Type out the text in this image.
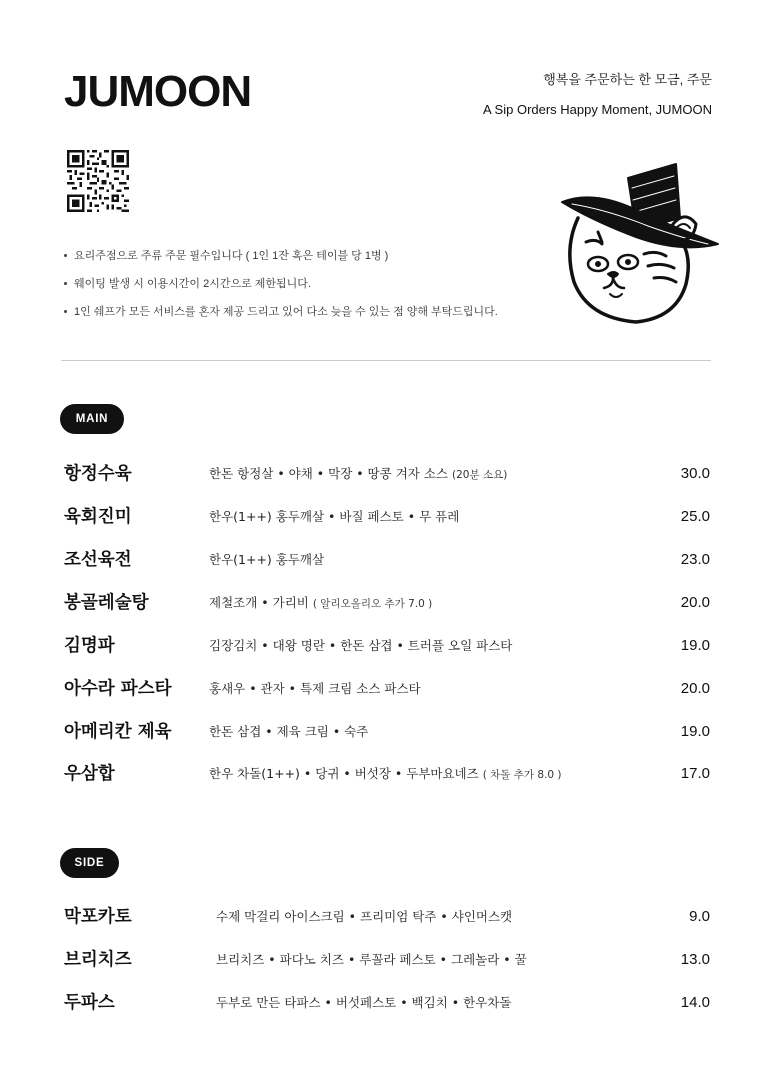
JUMOON	행복을 주문하는 한 모금, 주문
A Sip Orders Happy Moment, JUMOON
요리주점으로 주류 주문 필수입니다 ( 1인 1잔 혹은 테이블 당 1병 )
웨이팅 발생 시 이용시간이 2시간으로 제한됩니다.
1인 쉐프가 모든 서비스를 혼자 제공 드리고 있어 다소 늦을 수 있는 점 양해 부탁드립니다.
MAIN
항정수육	한돈 항정살 • 야채 • 막장 • 땅콩 겨자 소스 (20분 소요)	30.0
육회진미	한우(1++) 홍두깨살 • 바질 페스토 • 무 퓨레	25.0
조선육전	한우(1++) 홍두깨살	23.0
봉골레술탕	제철조개 • 가리비 ( 알리오올리오 추가 7.0 )	20.0
김명파	김장김치 • 대왕 명란 • 한돈 삼겹 • 트러플 오일 파스타	19.0
아수라 파스타	홍새우 • 관자 • 특제 크림 소스 파스타	20.0
아메리칸 제육	한돈 삼겹 • 제육 크림 • 숙주	19.0
우삼합	한우 차돌(1++) • 당귀 • 버섯장 • 두부마요네즈 ( 차돌 추가 8.0 )	17.0
SIDE
막포카토	수제 막걸리 아이스크림 • 프리미엄 탁주 • 샤인머스캣	9.0
브리치즈	브리치즈 • 파다노 치즈 • 루꼴라 페스토 • 그레놀라 • 꿀	13.0
두파스	두부로 만든 타파스 • 버섯페스토 • 백김치 • 한우차돌	14.0
